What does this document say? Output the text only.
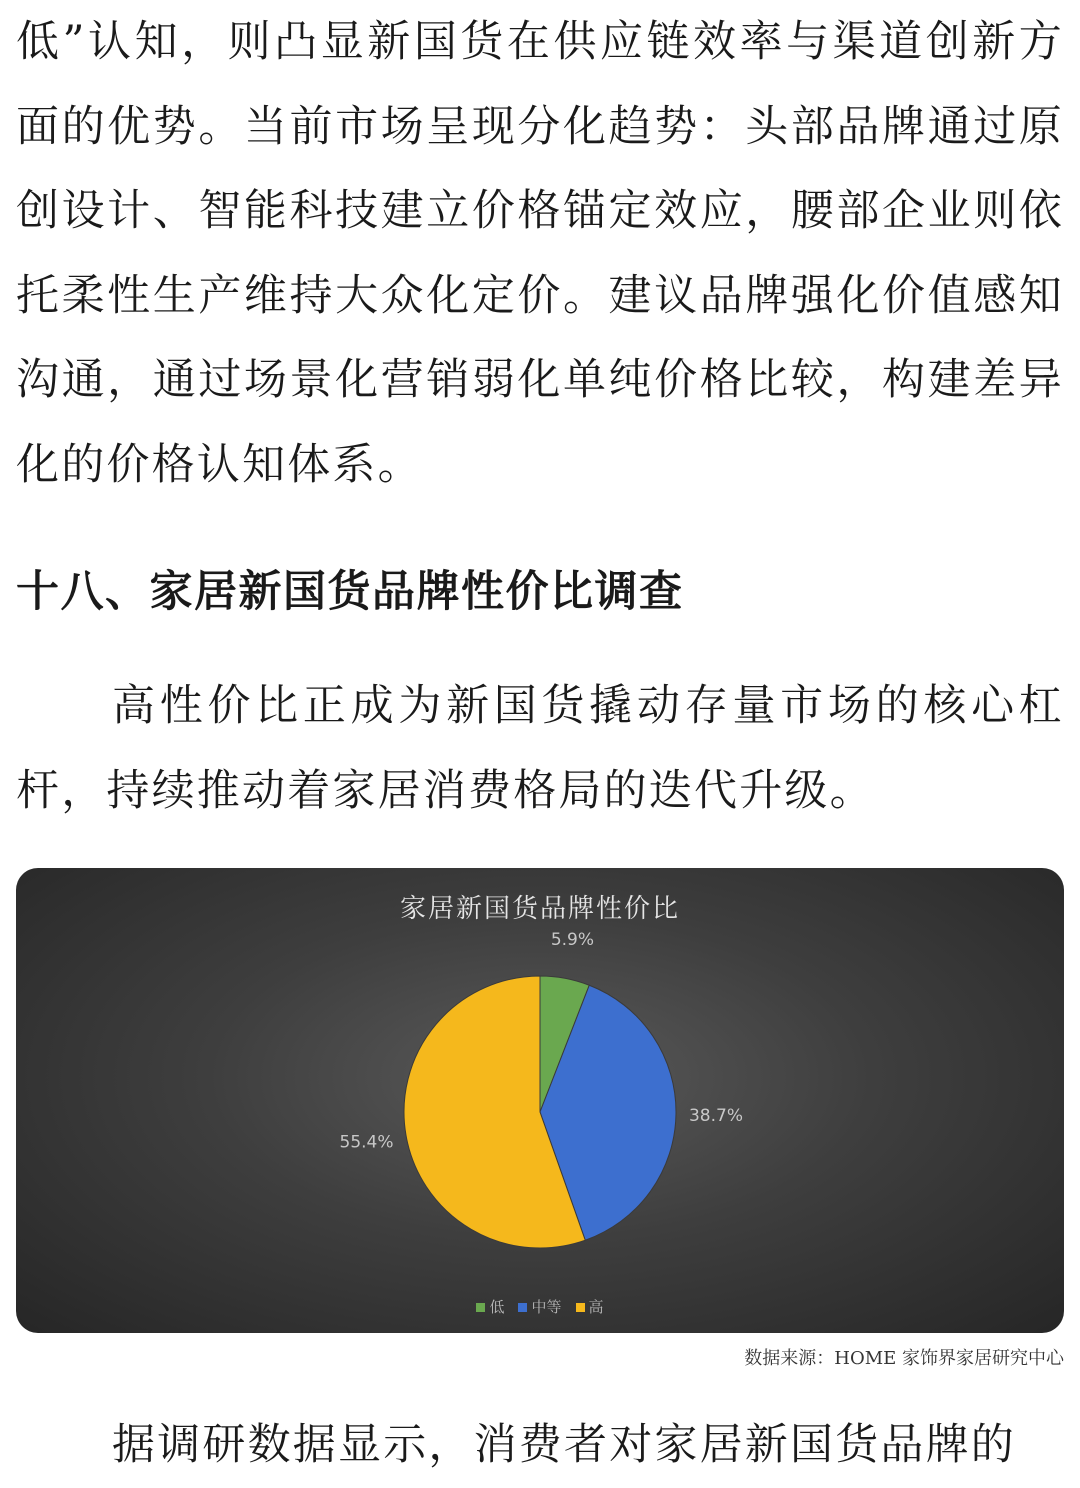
低”认知，则凸显新国货在供应链效率与渠道创新方面的优势。当前市场呈现分化趋势：头部品牌通过原创设计、智能科技建立价格锚定效应，腰部企业则依托柔性生产维持大众化定价。建议品牌强化价值感知沟通，通过场景化营销弱化单纯价格比较，构建差异化的价格认知体系。

十八、家居新国货品牌性价比调查

高性价比正成为新国货撬动存量市场的核心杠杆，持续推动着家居消费格局的迭代升级。

家居新国货品牌性价比
5.9%
38.7%
55.4%
低 中等 高
数据来源：HOME 家饰界家居研究中心

据调研数据显示，消费者对家居新国货品牌的
